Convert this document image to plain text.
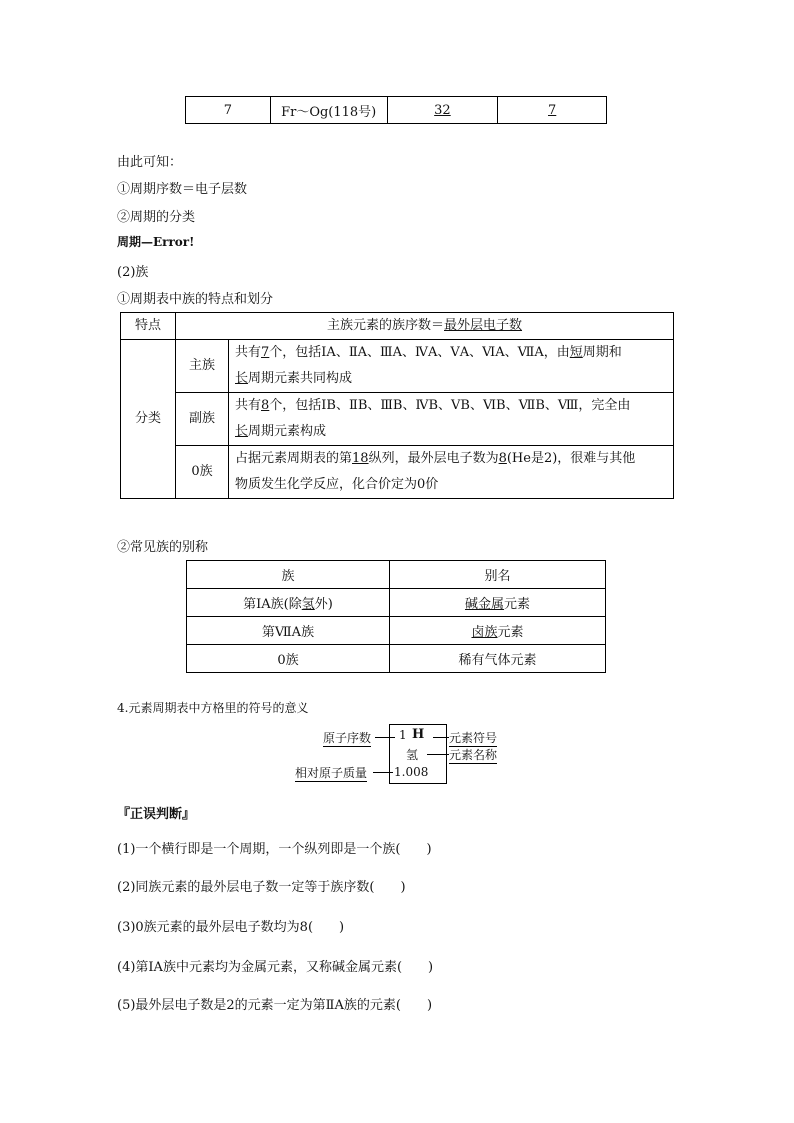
7	Fr～Og(118号)	32	7
由此可知：
①周期序数＝电子层数
②周期的分类
周期—Error!
(2)族
①周期表中族的特点和划分
特点	主族元素的族序数＝最外层电子数	
分类	主族	共有7个，包括ⅠA、ⅡA、ⅢA、ⅣA、ⅤA、ⅥA、ⅦA，由短周期和
长周期元素共同构成
	副族	共有8个，包括ⅠB、ⅡB、ⅢB、ⅣB、ⅤB、ⅥB、ⅦB、Ⅷ，完全由
长周期元素构成
	0族	占据元素周期表的第18纵列，最外层电子数为8(He是2)，很难与其他
物质发生化学反应，化合价定为0价
②常见族的别称
族	别名
第ⅠA族(除氢外)	碱金属元素
第ⅦA族	卤族元素
0族	稀有气体元素
4.元素周期表中方格里的符号的意义
原子序数
相对原子质量
1 H
氢
1.008
元素符号
元素名称
『正误判断』
(1)一个横行即是一个周期，一个纵列即是一个族(　　)
(2)同族元素的最外层电子数一定等于族序数(　　)
(3)0族元素的最外层电子数均为8(　　)
(4)第ⅠA族中元素均为金属元素，又称碱金属元素(　　)
(5)最外层电子数是2的元素一定为第ⅡA族的元素(　　)
